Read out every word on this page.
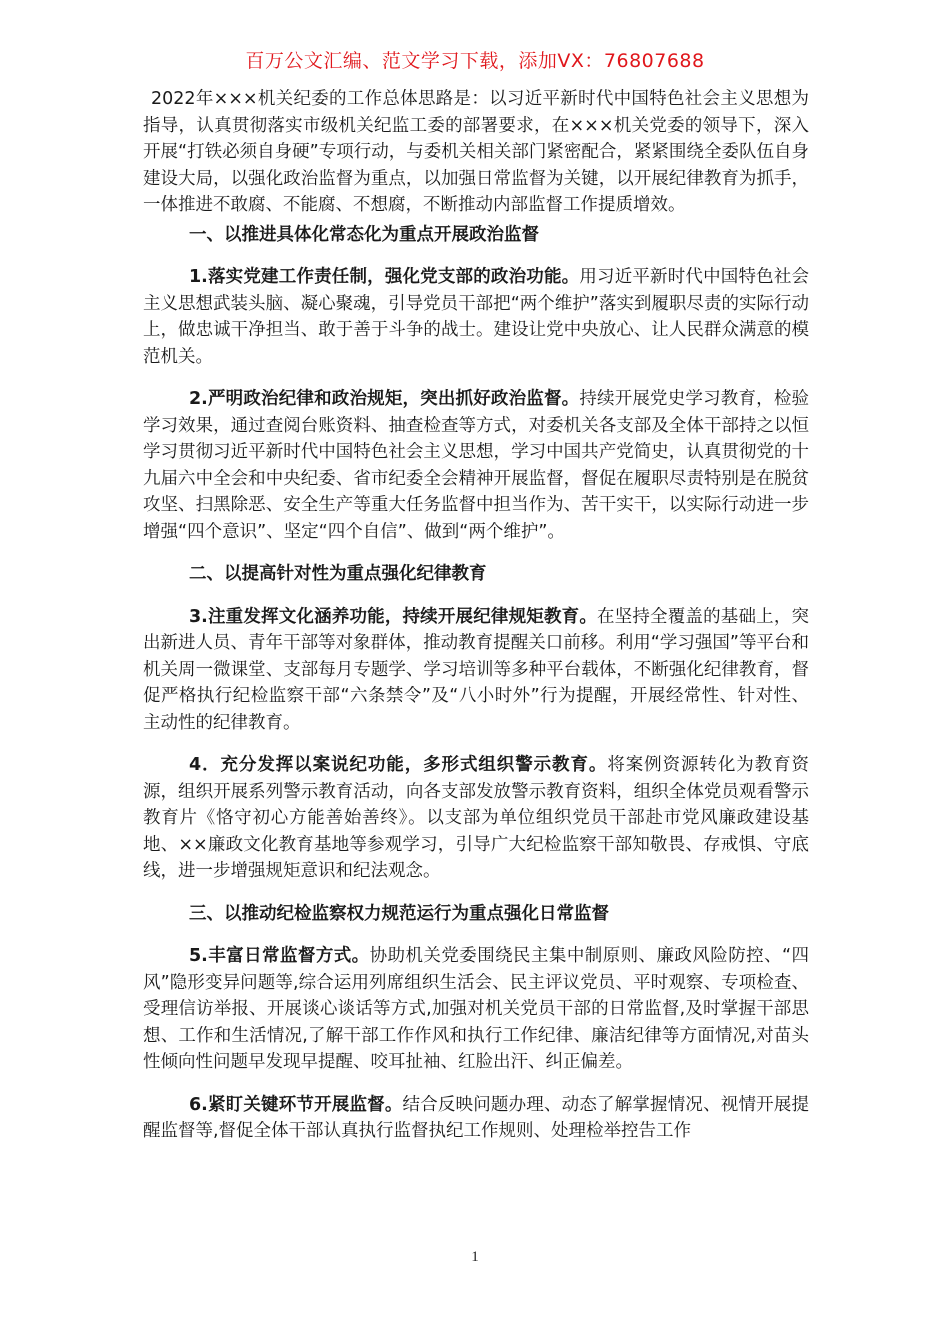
百万公文汇编、范文学习下载，添加VX：76807688

2022年×××机关纪委的工作总体思路是：以习近平新时代中国特色社会主义思想为指导，认真贯彻落实市级机关纪监工委的部署要求，在×××机关党委的领导下，深入开展“打铁必须自身硬”专项行动，与委机关相关部门紧密配合，紧紧围绕全委队伍自身建设大局，以强化政治监督为重点，以加强日常监督为关键，以开展纪律教育为抓手，一体推进不敢腐、不能腐、不想腐，不断推动内部监督工作提质增效。

一、以推进具体化常态化为重点开展政治监督

1.落实党建工作责任制，强化党支部的政治功能。用习近平新时代中国特色社会主义思想武装头脑、凝心聚魂，引导党员干部把“两个维护”落实到履职尽责的实际行动上，做忠诚干净担当、敢于善于斗争的战士。建设让党中央放心、让人民群众满意的模范机关。

2.严明政治纪律和政治规矩，突出抓好政治监督。持续开展党史学习教育，检验学习效果，通过查阅台账资料、抽查检查等方式，对委机关各支部及全体干部持之以恒学习贯彻习近平新时代中国特色社会主义思想，学习中国共产党简史，认真贯彻党的十九届六中全会和中央纪委、省市纪委全会精神开展监督，督促在履职尽责特别是在脱贫攻坚、扫黑除恶、安全生产等重大任务监督中担当作为、苦干实干，以实际行动进一步增强“四个意识”、坚定“四个自信”、做到“两个维护”。

二、以提高针对性为重点强化纪律教育

3.注重发挥文化涵养功能，持续开展纪律规矩教育。在坚持全覆盖的基础上，突出新进人员、青年干部等对象群体，推动教育提醒关口前移。利用“学习强国”等平台和机关周一微课堂、支部每月专题学、学习培训等多种平台载体，不断强化纪律教育，督促严格执行纪检监察干部“六条禁令”及“八小时外”行为提醒，开展经常性、针对性、主动性的纪律教育。

4．充分发挥以案说纪功能，多形式组织警示教育。将案例资源转化为教育资源，组织开展系列警示教育活动，向各支部发放警示教育资料，组织全体党员观看警示教育片《恪守初心方能善始善终》。以支部为单位组织党员干部赴市党风廉政建设基地、××廉政文化教育基地等参观学习，引导广大纪检监察干部知敬畏、存戒惧、守底线，进一步增强规矩意识和纪法观念。

三、以推动纪检监察权力规范运行为重点强化日常监督

5.丰富日常监督方式。协助机关党委围绕民主集中制原则、廉政风险防控、“四风”隐形变异问题等,综合运用列席组织生活会、民主评议党员、平时观察、专项检查、受理信访举报、开展谈心谈话等方式,加强对机关党员干部的日常监督,及时掌握干部思想、工作和生活情况,了解干部工作作风和执行工作纪律、廉洁纪律等方面情况,对苗头性倾向性问题早发现早提醒、咬耳扯袖、红脸出汗、纠正偏差。

6.紧盯关键环节开展监督。结合反映问题办理、动态了解掌握情况、视情开展提醒监督等,督促全体干部认真执行监督执纪工作规则、处理检举控告工作

1
